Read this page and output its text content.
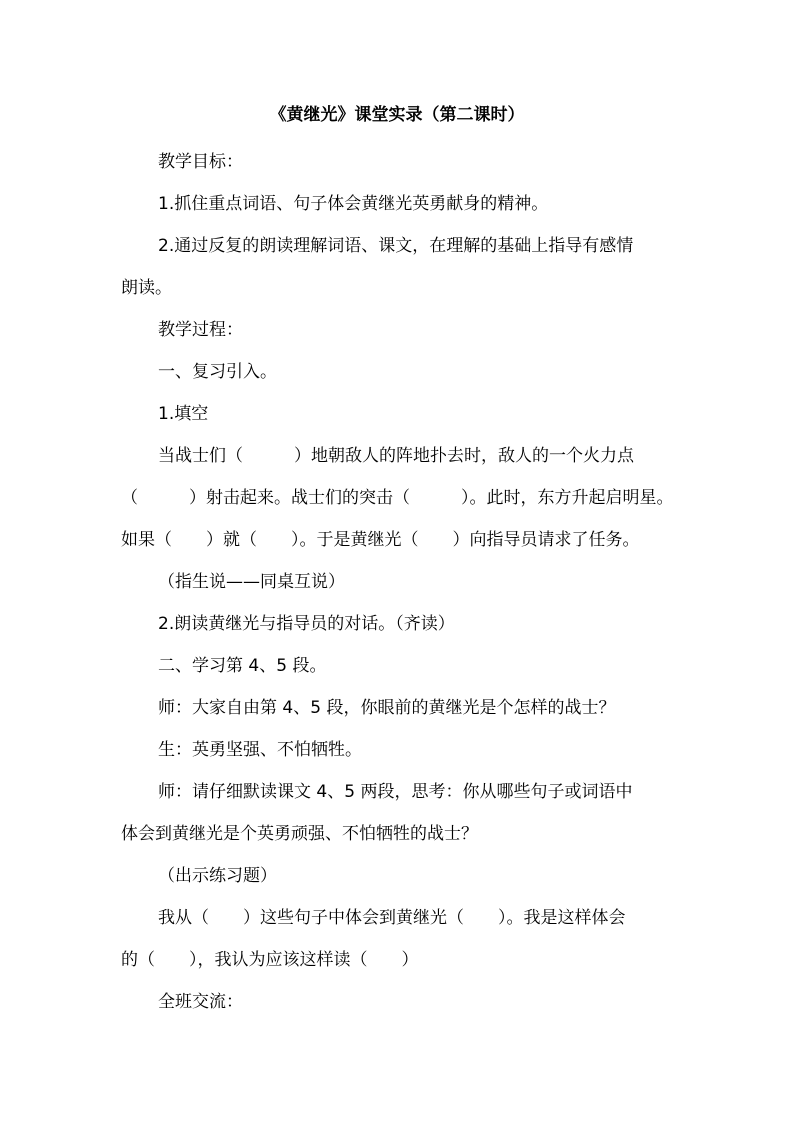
《黄继光》课堂实录（第二课时）

教学目标：

1.抓住重点词语、句子体会黄继光英勇献身的精神。

2.通过反复的朗读理解词语、课文，在理解的基础上指导有感情

朗读。

教学过程：

一、复习引入。

1.填空

当战士们（　　　）地朝敌人的阵地扑去时，敌人的一个火力点

（　　　）射击起来。战士们的突击（　　　）。此时，东方升起启明星。

如果（　　）就（　　）。于是黄继光（　　）向指导员请求了任务。

（指生说——同桌互说）

2.朗读黄继光与指导员的对话。（齐读）

二、学习第 4、5 段。

师：大家自由第 4、5 段，你眼前的黄继光是个怎样的战士？

生：英勇坚强、不怕牺牲。

师：请仔细默读课文 4、5 两段，思考：你从哪些句子或词语中

体会到黄继光是个英勇顽强、不怕牺牲的战士？

（出示练习题）

我从（　　）这些句子中体会到黄继光（　　）。我是这样体会

的（　　），我认为应该这样读（　　）

全班交流：
